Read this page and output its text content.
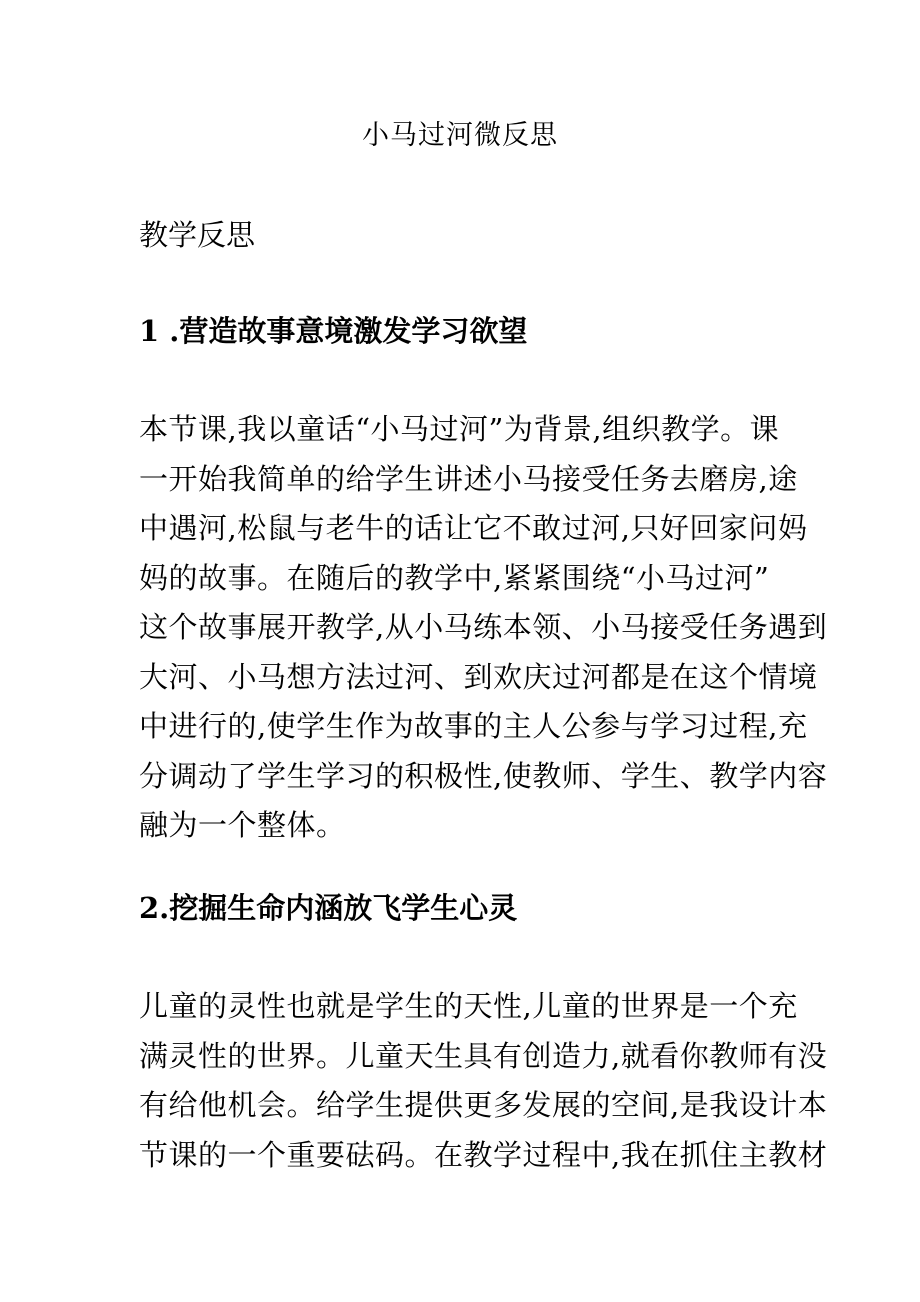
小马过河微反思
教学反思
1 .营造故事意境激发学习欲望
本节课,我以童话“小马过河”为背景,组织教学。课
一开始我简单的给学生讲述小马接受任务去磨房,途
中遇河,松鼠与老牛的话让它不敢过河,只好回家问妈
妈的故事。在随后的教学中,紧紧围绕“小马过河”
这个故事展开教学,从小马练本领、小马接受任务遇到
大河、小马想方法过河、到欢庆过河都是在这个情境
中进行的,使学生作为故事的主人公参与学习过程,充
分调动了学生学习的积极性,使教师、学生、教学内容
融为一个整体。
2.挖掘生命内涵放飞学生心灵
儿童的灵性也就是学生的天性,儿童的世界是一个充
满灵性的世界。儿童天生具有创造力,就看你教师有没
有给他机会。给学生提供更多发展的空间,是我设计本
节课的一个重要砝码。在教学过程中,我在抓住主教材
